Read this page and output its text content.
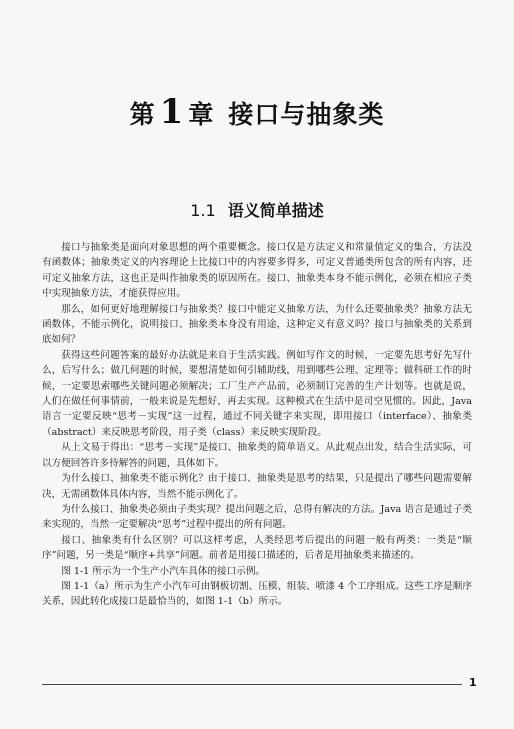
第 1 章 接口与抽象类
1.1 语义简单描述

接口与抽象类是面向对象思想的两个重要概念。接口仅是方法定义和常量值定义的集合，方法没有函数体；抽象类定义的内容理论上比接口中的内容要多得多，可定义普通类所包含的所有内容，还可定义抽象方法，这也正是叫作抽象类的原因所在。接口、抽象类本身不能示例化，必须在相应子类中实现抽象方法，才能获得应用。

那么，如何更好地理解接口与抽象类？接口中能定义抽象方法，为什么还要抽象类？抽象方法无函数体，不能示例化，说明接口、抽象类本身没有用途，这种定义有意义吗？接口与抽象类的关系到底如何？

获得这些问题答案的最好办法就是来自于生活实践。例如写作文的时候，一定要先思考好先写什么，后写什么；做几何题的时候，要想清楚如何引辅助线，用到哪些公理、定理等；做科研工作的时候，一定要思索哪些关键问题必须解决；工厂生产产品前，必须制订完善的生产计划等。也就是说，人们在做任何事情前，一般来说是先想好，再去实现。这种模式在生活中是司空见惯的。因此，Java 语言一定要反映“思考－实现”这一过程，通过不同关键字来实现，即用接口（interface）、抽象类（abstract）来反映思考阶段，用子类（class）来反映实现阶段。

从上文易于得出：“思考－实现”是接口、抽象类的简单语义。从此观点出发，结合生活实际，可以方便回答许多待解答的问题，具体如下。

为什么接口、抽象类不能示例化？由于接口、抽象类是思考的结果，只是提出了哪些问题需要解决，无需函数体具体内容，当然不能示例化了。

为什么接口、抽象类必须由子类实现？提出问题之后，总得有解决的方法。Java 语言是通过子类来实现的，当然一定要解决“思考”过程中提出的所有问题。

接口、抽象类有什么区别？可以这样考虑，人类经思考后提出的问题一般有两类：一类是“顺序”问题，另一类是“顺序+共享”问题。前者是用接口描述的，后者是用抽象类来描述的。

图 1-1 所示为一个生产小汽车具体的接口示例。

图 1-1（a）所示为生产小汽车可由钢板切割、压模、组装、喷漆 4 个工序组成。这些工序是顺序关系，因此转化成接口是最恰当的，如图 1-1（b）所示。

1
